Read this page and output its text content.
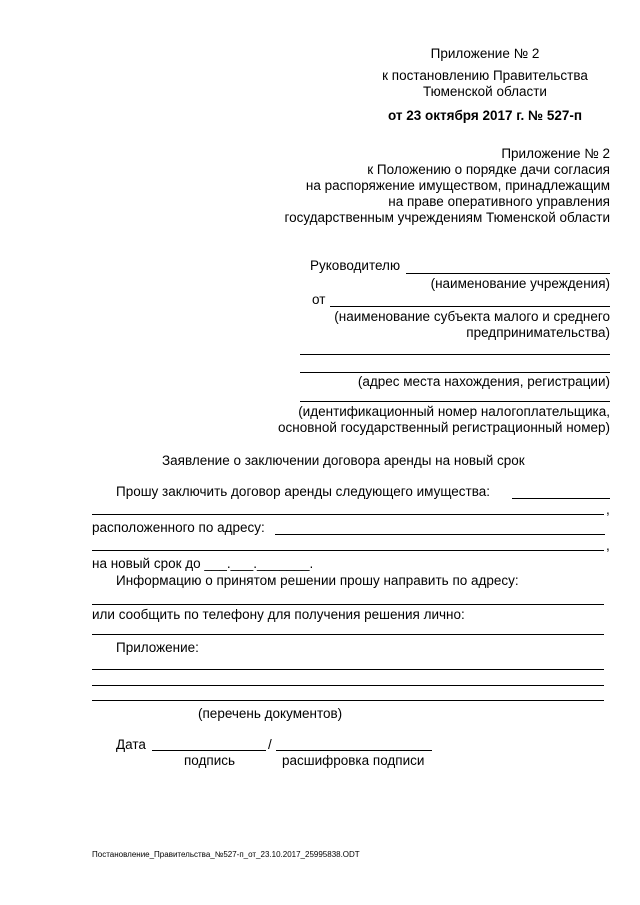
Приложение № 2
к постановлению Правительства
Тюменской области
от 23 октября 2017 г. № 527-п
Приложение № 2
к Положению о порядке дачи согласия
на распоряжение имуществом, принадлежащим
на праве оперативного управления
государственным учреждениям Тюменской области
Руководителю
(наименование учреждения)
от
(наименование субъекта малого и среднего
предпринимательства)
(адрес места нахождения, регистрации)
(идентификационный номер налогоплательщика,
основной государственный регистрационный номер)
Заявление о заключении договора аренды на новый срок
Прошу заключить договор аренды следующего имущества:
,
расположенного по адресу:
,
на новый срок до ___.___._______.
Информацию о принятом решении прошу направить по адресу:
или сообщить по телефону для получения решения лично:
Приложение:
(перечень документов)
Дата	/
подпись	расшифровка подписи
Постановление_Правительства_№527-п_от_23.10.2017_25995838.ODT
